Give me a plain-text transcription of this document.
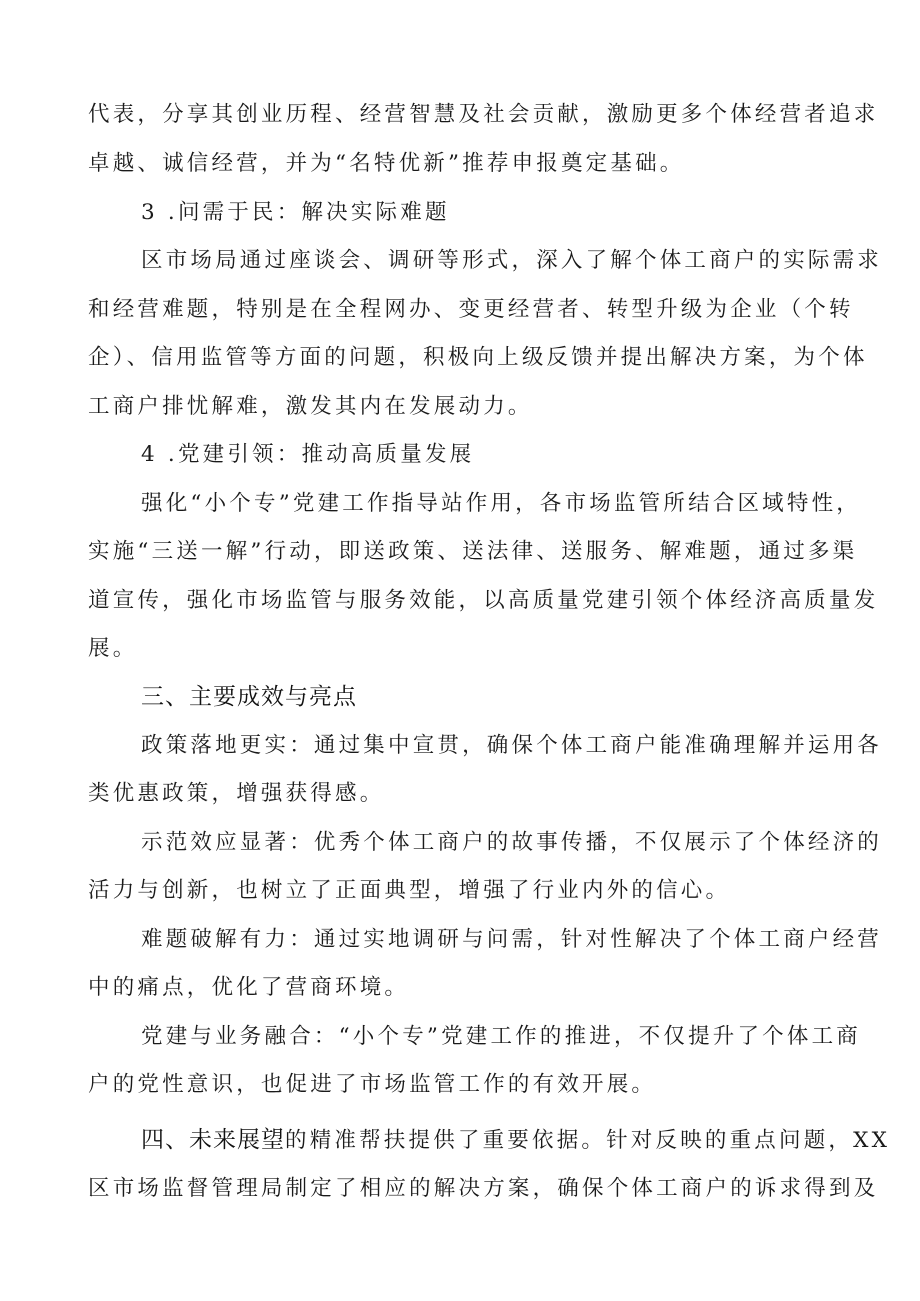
代表，分享其创业历程、经营智慧及社会贡献，激励更多个体经营者追求
卓越、诚信经营，并为“名特优新”推荐申报奠定基础。
3 .问需于民：解决实际难题
区市场局通过座谈会、调研等形式，深入了解个体工商户的实际需求
和经营难题，特别是在全程网办、变更经营者、转型升级为企业（个转
企）、信用监管等方面的问题，积极向上级反馈并提出解决方案，为个体
工商户排忧解难，激发其内在发展动力。
4 .党建引领：推动高质量发展
强化“小个专”党建工作指导站作用，各市场监管所结合区域特性，
实施“三送一解”行动，即送政策、送法律、送服务、解难题，通过多渠
道宣传，强化市场监管与服务效能，以高质量党建引领个体经济高质量发
展。
三、主要成效与亮点
政策落地更实：通过集中宣贯，确保个体工商户能准确理解并运用各
类优惠政策，增强获得感。
示范效应显著：优秀个体工商户的故事传播，不仅展示了个体经济的
活力与创新，也树立了正面典型，增强了行业内外的信心。
难题破解有力：通过实地调研与问需，针对性解决了个体工商户经营
中的痛点，优化了营商环境。
党建与业务融合：“小个专”党建工作的推进，不仅提升了个体工商
户的党性意识，也促进了市场监管工作的有效开展。
四、未来展望的精准帮扶提供了重要依据。针对反映的重点问题，XX
区市场监督管理局制定了相应的解决方案，确保个体工商户的诉求得到及
